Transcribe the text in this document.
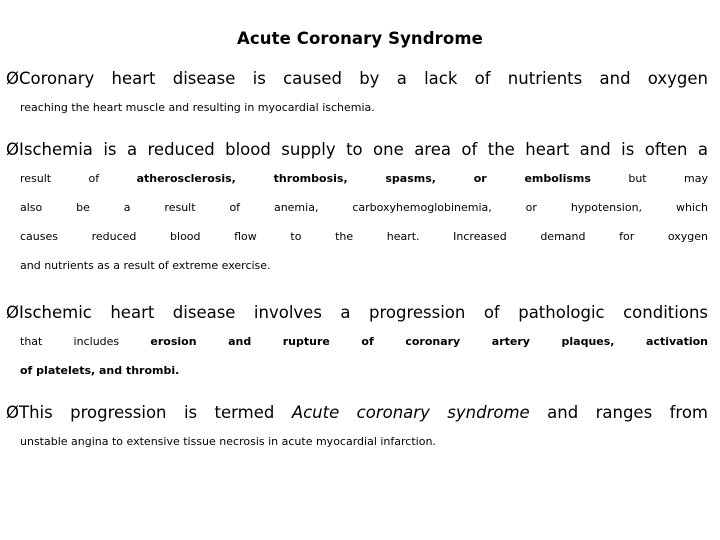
Acute Coronary Syndrome
ØCoronary heart disease is caused by a lack of nutrients and oxygen
reaching the heart muscle and resulting in myocardial ischemia.
ØIschemia is a reduced blood supply to one area of the heart and is often a
result of atherosclerosis, thrombosis, spasms, or embolisms but may
also be a result of anemia, carboxyhemoglobinemia, or hypotension, which
causes reduced blood flow to the heart. Increased demand for oxygen
and nutrients as a result of extreme exercise.
ØIschemic heart disease involves a progression of pathologic conditions
that includes erosion and rupture of coronary artery plaques, activation
of platelets, and thrombi.
ØThis progression is termed Acute coronary syndrome and ranges from
unstable angina to extensive tissue necrosis in acute myocardial infarction.
